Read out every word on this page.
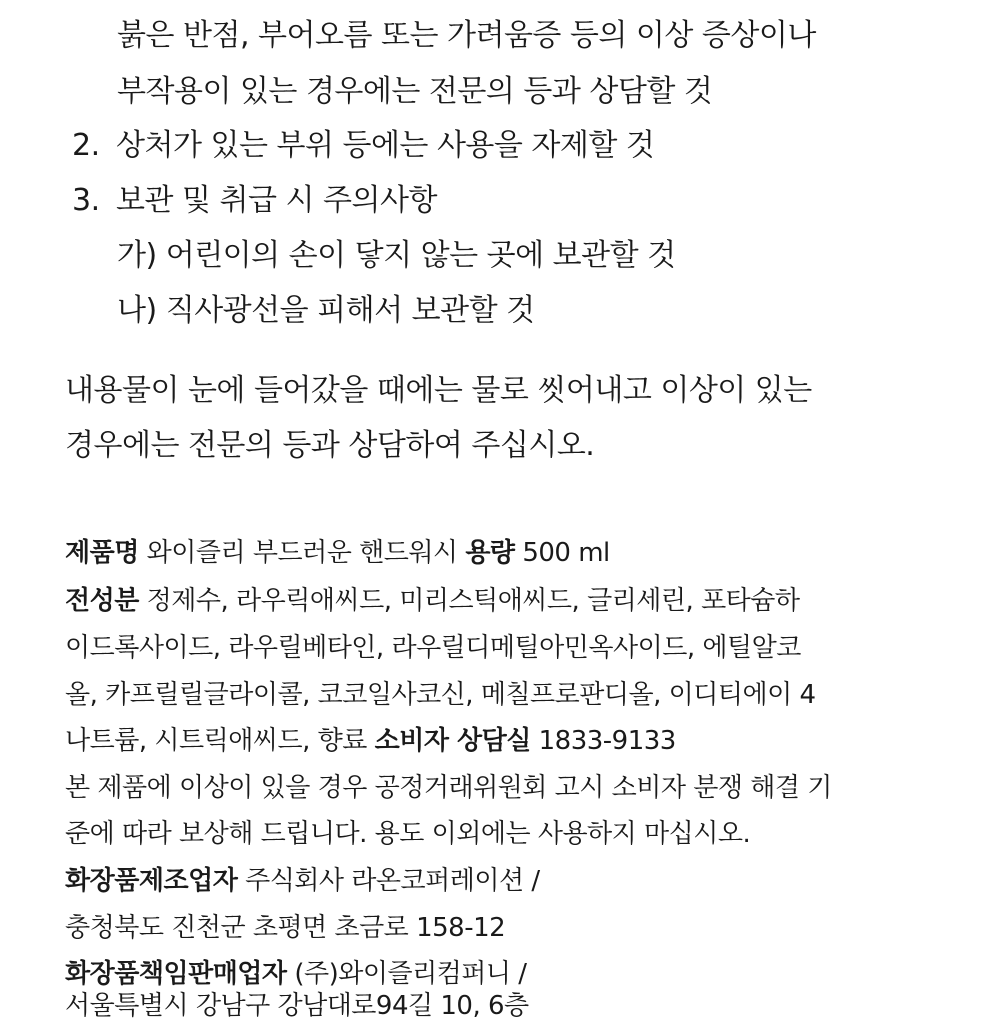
붉은 반점, 부어오름 또는 가려움증 등의 이상 증상이나
부작용이 있는 경우에는 전문의 등과 상담할 것
2. 상처가 있는 부위 등에는 사용을 자제할 것
3. 보관 및 취급 시 주의사항
가) 어린이의 손이 닿지 않는 곳에 보관할 것
나) 직사광선을 피해서 보관할 것
내용물이 눈에 들어갔을 때에는 물로 씻어내고 이상이 있는
경우에는 전문의 등과 상담하여 주십시오.
제품명 와이즐리 부드러운 핸드워시 용량 500 ml
전성분 정제수, 라우릭애씨드, 미리스틱애씨드, 글리세린, 포타슘하
이드록사이드, 라우릴베타인, 라우릴디메틸아민옥사이드, 에틸알코
올, 카프릴릴글라이콜, 코코일사코신, 메칠프로판디올, 이디티에이 4
나트륨, 시트릭애씨드, 향료 소비자 상담실 1833-9133
본 제품에 이상이 있을 경우 공정거래위원회 고시 소비자 분쟁 해결 기
준에 따라 보상해 드립니다. 용도 이외에는 사용하지 마십시오.
화장품제조업자 주식회사 라온코퍼레이션 /
충청북도 진천군 초평면 초금로 158-12
화장품책임판매업자 (주)와이즐리컴퍼니 /
서울특별시 강남구 강남대로94길 10, 6층
